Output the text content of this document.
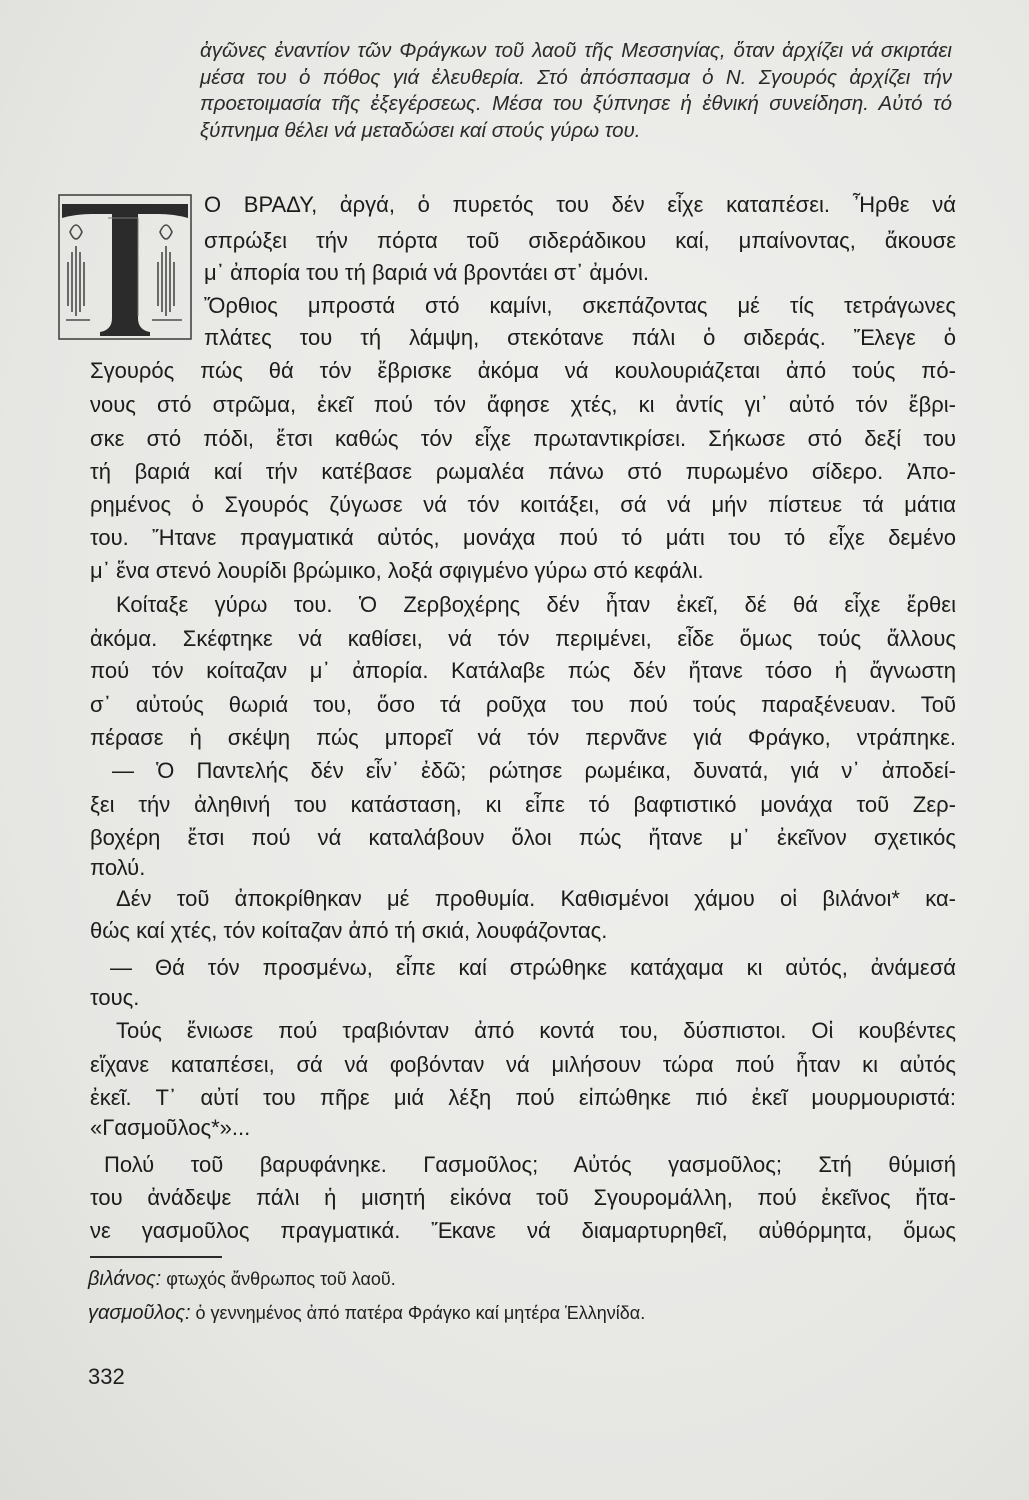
ἀγῶνες ἐναντίον τῶν Φράγκων τοῦ λαοῦ τῆς Μεσσηνίας, ὅταν ἀρχίζει νά σκιρτάει μέσα του ὁ πόθος γιά ἐλευθερία. Στό ἀπόσπασμα ὁ Ν. Σγουρός ἀρχίζει τήν προετοιμασία τῆς ἐξεγέρσεως. Μέσα του ξύπνησε ἡ ἐθνική συνείδηση. Αὐτό τό ξύπνημα θέλει νά μεταδώσει καί στούς γύρω του.
Ο ΒΡΑΔΥ, ἀργά, ὁ πυρετός του δέν εἶχε καταπέσει. Ἦρθε νά
σπρώξει τήν πόρτα τοῦ σιδεράδικου καί, μπαίνοντας, ἄκουσε
μ᾽ ἀπορία του τή βαριά νά βροντάει στ᾽ ἀμόνι.
Ὄρθιος μπροστά στό καμίνι, σκεπάζοντας μέ τίς τετράγωνες
πλάτες του τή λάμψη, στεκότανε πάλι ὁ σιδεράς. Ἔλεγε ὁ
Σγουρός πώς θά τόν ἔβρισκε ἀκόμα νά κουλουριάζεται ἀπό τούς πό-
νους στό στρῶμα, ἐκεῖ πού τόν ἄφησε χτές, κι ἀντίς γι᾽ αὐτό τόν ἔβρι-
σκε στό πόδι, ἔτσι καθώς τόν εἶχε πρωταντικρίσει. Σήκωσε στό δεξί του
τή βαριά καί τήν κατέβασε ρωμαλέα πάνω στό πυρωμένο σίδερο. Ἀπο-
ρημένος ὁ Σγουρός ζύγωσε νά τόν κοιτάξει, σά νά μήν πίστευε τά μάτια
του. Ἤτανε πραγματικά αὐτός, μονάχα πού τό μάτι του τό εἶχε δεμένο
μ᾽ ἕνα στενό λουρίδι βρώμικο, λοξά σφιγμένο γύρω στό κεφάλι.
Κοίταξε γύρω του. Ὁ Ζερβοχέρης δέν ἦταν ἐκεῖ, δέ θά εἶχε ἔρθει
ἀκόμα. Σκέφτηκε νά καθίσει, νά τόν περιμένει, εἶδε ὅμως τούς ἄλλους
πού τόν κοίταζαν μ᾽ ἀπορία. Κατάλαβε πώς δέν ἤτανε τόσο ἡ ἄγνωστη
σ᾽ αὐτούς θωριά του, ὅσο τά ροῦχα του πού τούς παραξένευαν. Τοῦ
πέρασε ἡ σκέψη πώς μπορεῖ νά τόν περνᾶνε γιά Φράγκο, ντράπηκε.
— Ὁ Παντελής δέν εἶν᾽ ἐδῶ; ρώτησε ρωμέικα, δυνατά, γιά ν᾽ ἀποδεί-
ξει τήν ἀληθινή του κατάσταση, κι εἶπε τό βαφτιστικό μονάχα τοῦ Ζερ-
βοχέρη ἔτσι πού νά καταλάβουν ὅλοι πώς ἤτανε μ᾽ ἐκεῖνον σχετικός
πολύ.
Δέν τοῦ ἀποκρίθηκαν μέ προθυμία. Καθισμένοι χάμου οἱ βιλάνοι* κα-
θώς καί χτές, τόν κοίταζαν ἀπό τή σκιά, λουφάζοντας.
— Θά τόν προσμένω, εἶπε καί στρώθηκε κατάχαμα κι αὐτός, ἀνάμεσά
τους.
Τούς ἔνιωσε πού τραβιόνταν ἀπό κοντά του, δύσπιστοι. Οἱ κουβέντες
εἴχανε καταπέσει, σά νά φοβόνταν νά μιλήσουν τώρα πού ἦταν κι αὐτός
ἐκεῖ. Τ᾽ αὐτί του πῆρε μιά λέξη πού εἰπώθηκε πιό ἐκεῖ μουρμουριστά:
«Γασμοῦλος*»...
Πολύ τοῦ βαρυφάνηκε. Γασμοῦλος; Αὐτός γασμοῦλος; Στή θύμισή
του ἀνάδεψε πάλι ἡ μισητή εἰκόνα τοῦ Σγουρομάλλη, πού ἐκεῖνος ἤτα-
νε γασμοῦλος πραγματικά. Ἔκανε νά διαμαρτυρηθεῖ, αὐθόρμητα, ὅμως
βιλάνος: φτωχός ἄνθρωπος τοῦ λαοῦ.
γασμοῦλος: ὁ γεννημένος ἀπό πατέρα Φράγκο καί μητέρα Ἑλληνίδα.
332
